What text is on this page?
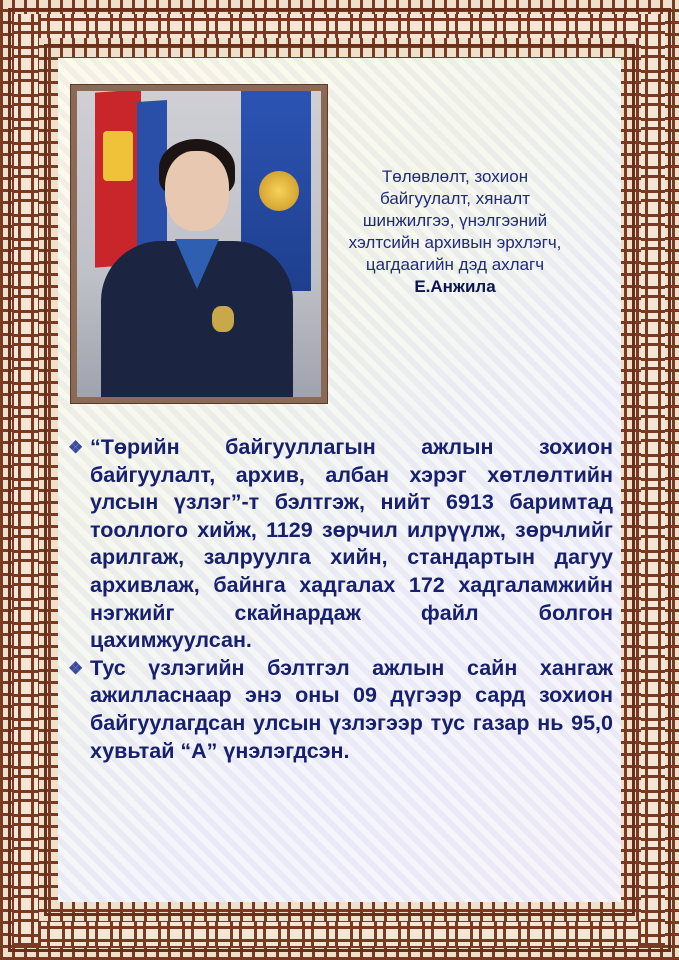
Төлөвлөлт, зохион байгуулалт, хяналт шинжилгээ, үнэлгээний хэлтсийн архивын эрхлэгч, цагдаагийн дэд ахлагч
Е.Анжила
❖ “Төрийн байгууллагын ажлын зохион байгуулалт, архив, албан хэрэг хөтлөлтийн улсын үзлэг”-т бэлтгэж, нийт 6913 баримтад тооллого хийж, 1129 зөрчил илрүүлж, зөрчлийг арилгаж, залруулга хийн, стандартын дагуу архивлаж, байнга хадгалах 172 хадгаламжийн нэгжийг скайнардаж файл болгон цахимжуулсан.
❖ Тус үзлэгийн бэлтгэл ажлын сайн хангаж ажилласнаар энэ оны 09 дүгээр сард зохион байгуулагдсан улсын үзлэгээр тус газар нь 95,0 хувьтай “А” үнэлэгдсэн.
